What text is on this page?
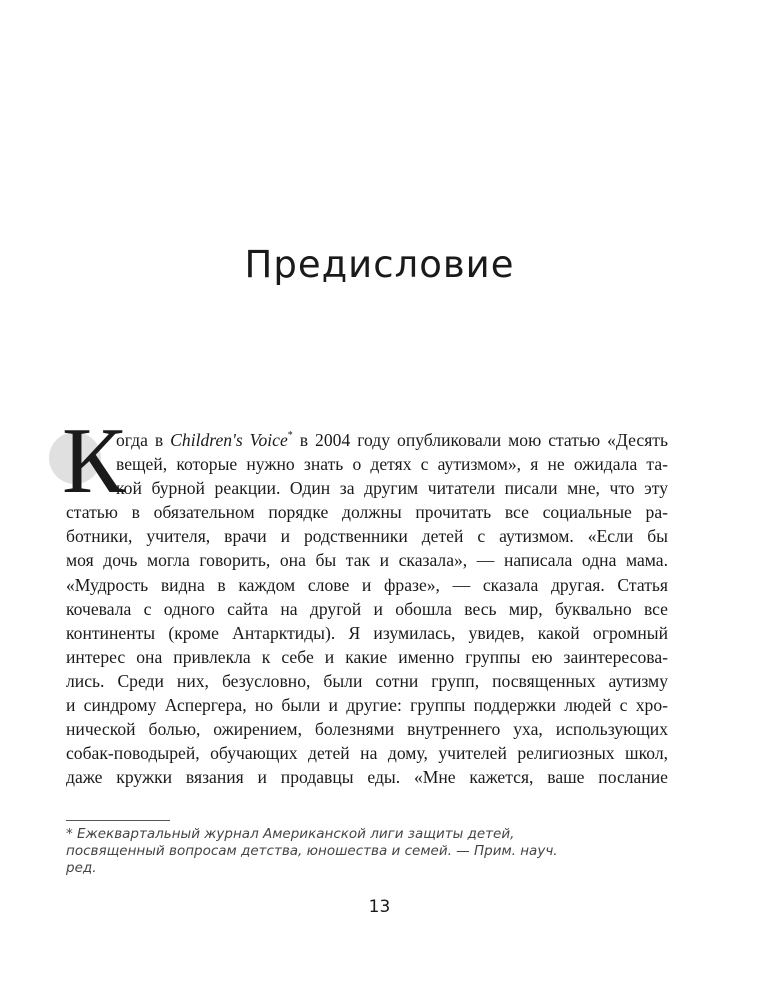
Предисловие
К
огда в Children's Voice* в 2004 году опубликовали мою статью «Десять
вещей, которые нужно знать о детях с аутизмом», я не ожидала та-
кой бурной реакции. Один за другим читатели писали мне, что эту
статью в обязательном порядке должны прочитать все социальные ра-
ботники, учителя, врачи и родственники детей с аутизмом. «Если бы
моя дочь могла говорить, она бы так и сказала», — написала одна мама.
«Мудрость видна в каждом слове и фразе», — сказала другая. Статья
кочевала с одного сайта на другой и обошла весь мир, буквально все
континенты (кроме Антарктиды). Я изумилась, увидев, какой огромный
интерес она привлекла к себе и какие именно группы ею заинтересова-
лись. Среди них, безусловно, были сотни групп, посвященных аутизму
и синдрому Аспергера, но были и другие: группы поддержки людей с хро-
нической болью, ожирением, болезнями внутреннего уха, использующих
собак-поводырей, обучающих детей на дому, учителей религиозных школ,
даже кружки вязания и продавцы еды. «Мне кажется, ваше послание
* Ежеквартальный журнал Американской лиги защиты детей,
посвященный вопросам детства, юношества и семей. — Прим. науч.
ред.
13
